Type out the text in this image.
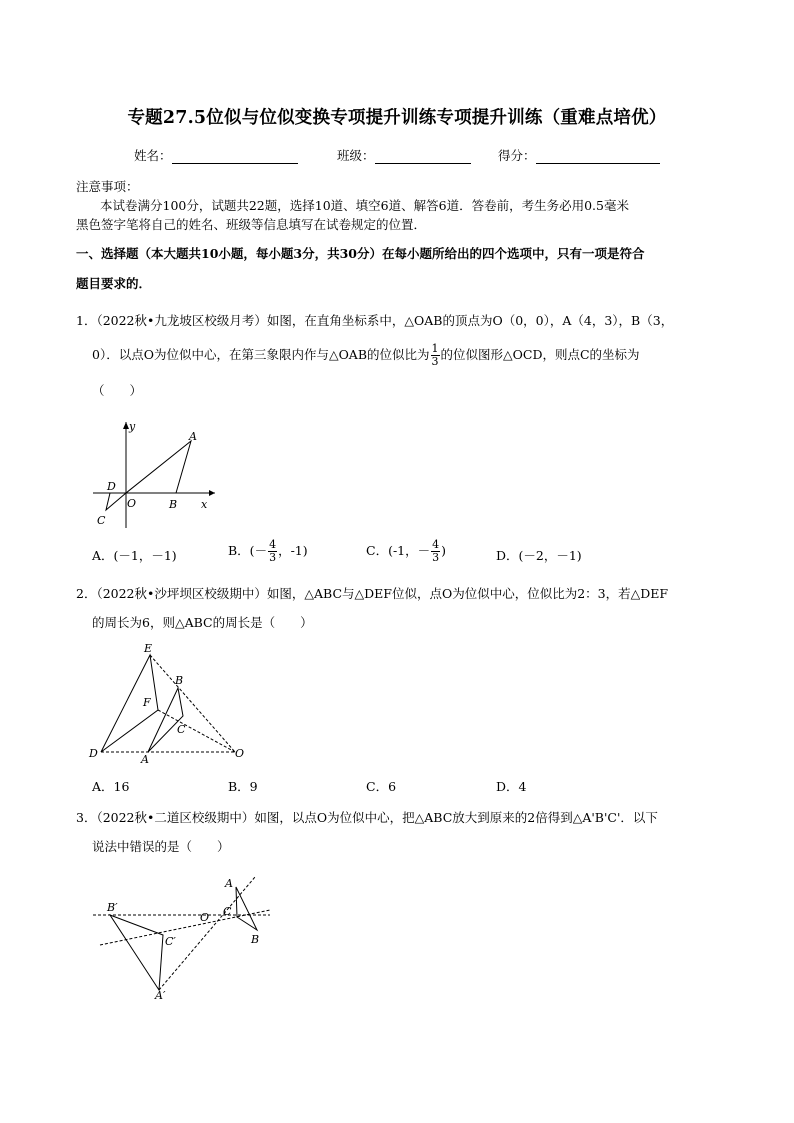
专题27.5位似与位似变换专项提升训练专项提升训练（重难点培优）
姓名：	班级：	得分：
注意事项：
本试卷满分100分，试题共22题，选择10道、填空6道、解答6道．答卷前，考生务必用0.5毫米
黑色签字笔将自己的姓名、班级等信息填写在试卷规定的位置．
一、选择题（本大题共10小题，每小题3分，共30分）在每小题所给出的四个选项中，只有一项是符合
题目要求的．
1．（2022秋•九龙坡区校级月考）如图，在直角坐标系中，△OAB的顶点为O（0，0），A（4，3），B（3，
0）．以点O为位似中心，在第三象限内作与△OAB的位似比为 $\frac{1}{3}$ 的位似图形△OCD，则点C的坐标为
（　　）
y
x
A
B
O
C
D
A．(－1，－1)	B．(－ $\frac{4}{3}$ ，-1)	C．(-1，－ $\frac{4}{3}$ )	D．(－2，－1)
2．（2022秋•沙坪坝区校级期中）如图，△ABC与△DEF位似，点O为位似中心，位似比为2：3，若△DEF
的周长为6，则△ABC的周长是（　　）
E
F
B
C
D	A	O
A．16	B．9	C．6	D．4
3．（2022秋•二道区校级期中）如图，以点O为位似中心，把△ABC放大到原来的2倍得到△A'B'C'．以下
说法中错误的是（　　）
A
B
C
O
B′
C′
A′
